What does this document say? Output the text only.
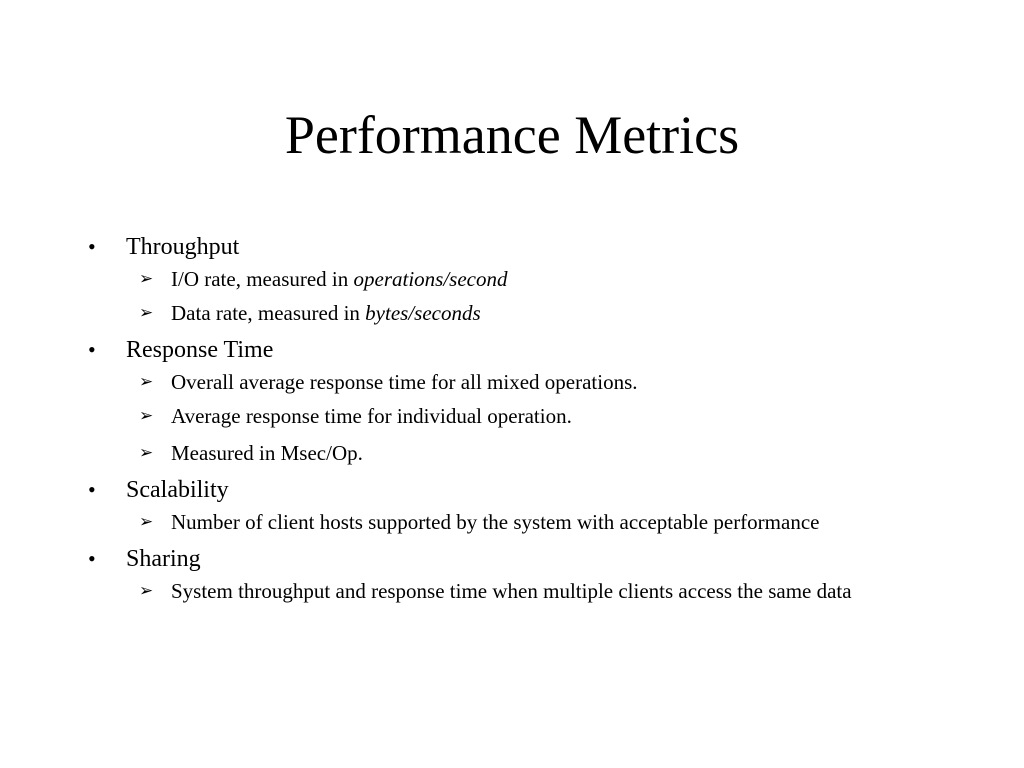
Performance Metrics
•	Throughput
➢ I/O rate, measured in operations/second
➢ Data rate, measured in bytes/seconds
•	Response Time
➢ Overall average response time for all mixed operations.
➢ Average response time for individual operation.
➢ Measured in Msec/Op.
•	Scalability
➢ Number of client hosts supported by the system with acceptable performance
•	Sharing
➢ System throughput and response time when multiple clients access the same data
